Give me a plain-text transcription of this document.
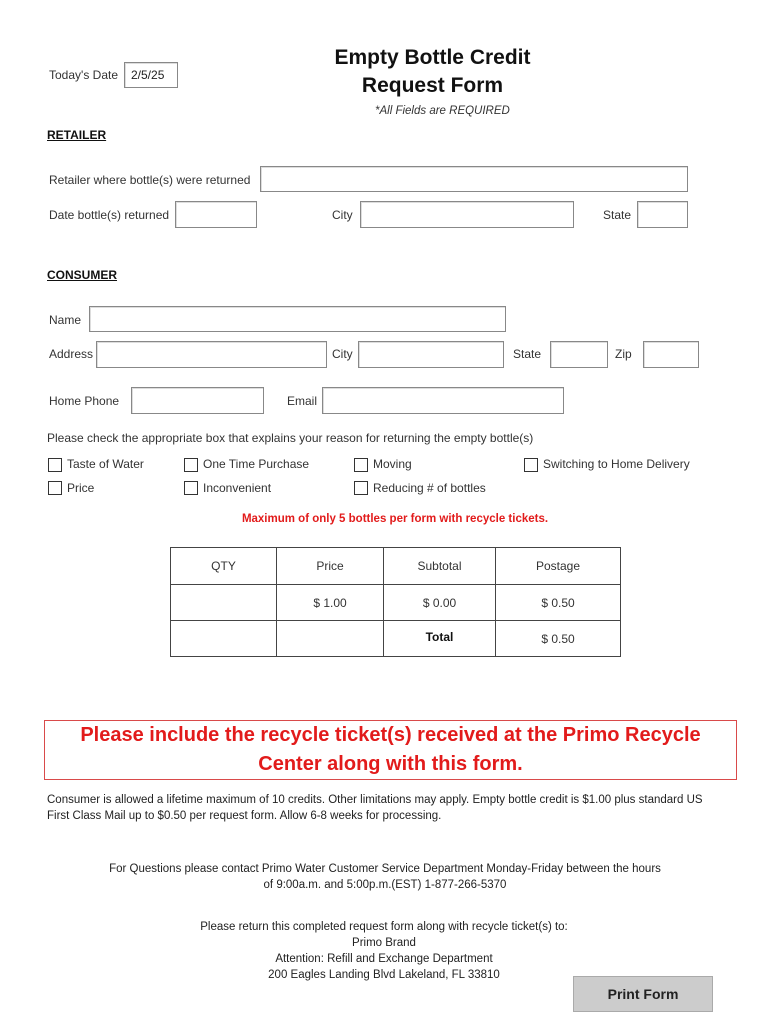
Today's Date	2/5/25
Empty Bottle Credit
Request Form
*All Fields are REQUIRED
RETAILER
Retailer where bottle(s) were returned
Date bottle(s) returned	City	State
CONSUMER
Name
Address	City	State	Zip
Home Phone	Email
Please check the appropriate box that explains your reason for returning the empty bottle(s)
Taste of Water	One Time Purchase	Moving	Switching to Home Delivery
Price	Inconvenient	Reducing # of bottles
Maximum of only 5 bottles per form with recycle tickets.
QTY	Price	Subtotal	Postage
	$ 1.00	$ 0.00	$ 0.50
		Total	$ 0.50
Please include the recycle ticket(s) received at the Primo Recycle
Center along with this form.
Consumer is allowed a lifetime maximum of 10 credits. Other limitations may apply. Empty bottle credit is $1.00 plus standard US
First Class Mail up to $0.50 per request form. Allow 6-8 weeks for processing.
For Questions please contact Primo Water Customer Service Department Monday-Friday between the hours
of 9:00a.m. and 5:00p.m.(EST) 1-877-266-5370
Please return this completed request form along with recycle ticket(s) to:
Primo Brand
Attention: Refill and Exchange Department
200 Eagles Landing Blvd Lakeland, FL 33810
Print Form
